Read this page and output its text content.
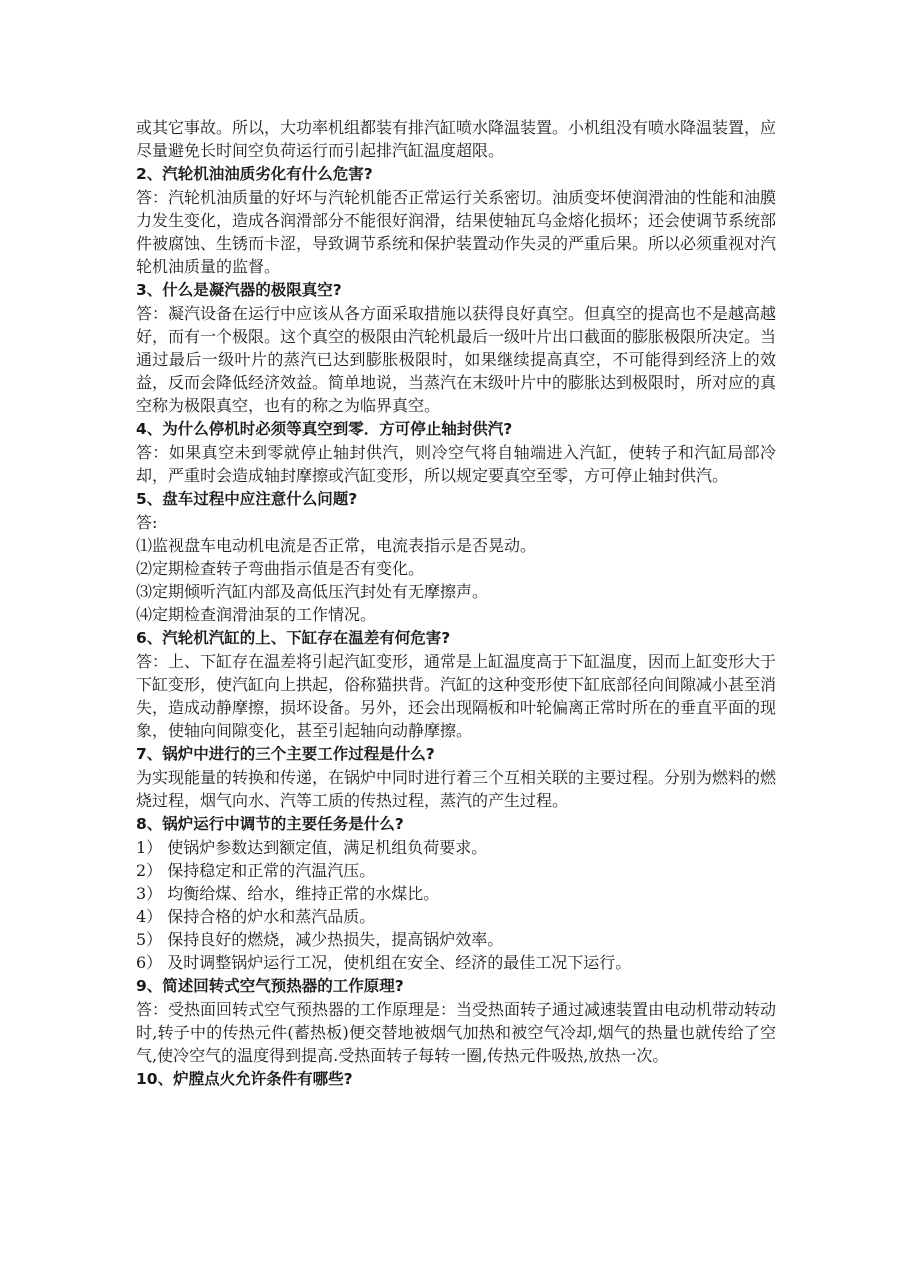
或其它事故。所以，大功率机组都装有排汽缸喷水降温装置。小机组没有喷水降温装置，应尽量避免长时间空负荷运行而引起排汽缸温度超限。

2、汽轮机油油质劣化有什么危害?

答：汽轮机油质量的好坏与汽轮机能否正常运行关系密切。油质变坏使润滑油的性能和油膜力发生变化，造成各润滑部分不能很好润滑，结果使轴瓦乌金熔化损坏；还会使调节系统部件被腐蚀、生锈而卡涩，导致调节系统和保护装置动作失灵的严重后果。所以必须重视对汽轮机油质量的监督。

3、什么是凝汽器的极限真空?

答：凝汽设备在运行中应该从各方面采取措施以获得良好真空。但真空的提高也不是越高越好，而有一个极限。这个真空的极限由汽轮机最后一级叶片出口截面的膨胀极限所决定。当通过最后一级叶片的蒸汽已达到膨胀极限时，如果继续提高真空，不可能得到经济上的效益，反而会降低经济效益。简单地说，当蒸汽在末级叶片中的膨胀达到极限时，所对应的真空称为极限真空，也有的称之为临界真空。

4、为什么停机时必须等真空到零．方可停止轴封供汽?

答：如果真空未到零就停止轴封供汽，则冷空气将自轴端进入汽缸，使转子和汽缸局部冷却，严重时会造成轴封摩擦或汽缸变形，所以规定要真空至零，方可停止轴封供汽。

5、盘车过程中应注意什么问题?

答:

⑴监视盘车电动机电流是否正常，电流表指示是否晃动。

⑵定期检查转子弯曲指示值是否有变化。

⑶定期倾听汽缸内部及高低压汽封处有无摩擦声。

⑷定期检查润滑油泵的工作情况。

6、汽轮机汽缸的上、下缸存在温差有何危害?

答：上、下缸存在温差将引起汽缸变形，通常是上缸温度高于下缸温度，因而上缸变形大于下缸变形，使汽缸向上拱起，俗称猫拱背。汽缸的这种变形使下缸底部径向间隙减小甚至消失，造成动静摩擦，损坏设备。另外，还会出现隔板和叶轮偏离正常时所在的垂直平面的现象，使轴向间隙变化，甚至引起轴向动静摩擦。

7、锅炉中进行的三个主要工作过程是什么?

为实现能量的转换和传递，在锅炉中同时进行着三个互相关联的主要过程。分别为燃料的燃烧过程，烟气向水、汽等工质的传热过程，蒸汽的产生过程。

8、锅炉运行中调节的主要任务是什么?

1） 使锅炉参数达到额定值，满足机组负荷要求。

2） 保持稳定和正常的汽温汽压。

3） 均衡给煤、给水，维持正常的水煤比。

4） 保持合格的炉水和蒸汽品质。

5） 保持良好的燃烧，减少热损失，提高锅炉效率。

6） 及时调整锅炉运行工况，使机组在安全、经济的最佳工况下运行。

9、简述回转式空气预热器的工作原理?

答：受热面回转式空气预热器的工作原理是：当受热面转子通过减速装置由电动机带动转动时,转子中的传热元件(蓄热板)便交替地被烟气加热和被空气冷却,烟气的热量也就传给了空气,使冷空气的温度得到提高.受热面转子每转一圈,传热元件吸热,放热一次。

10、炉膛点火允许条件有哪些?
